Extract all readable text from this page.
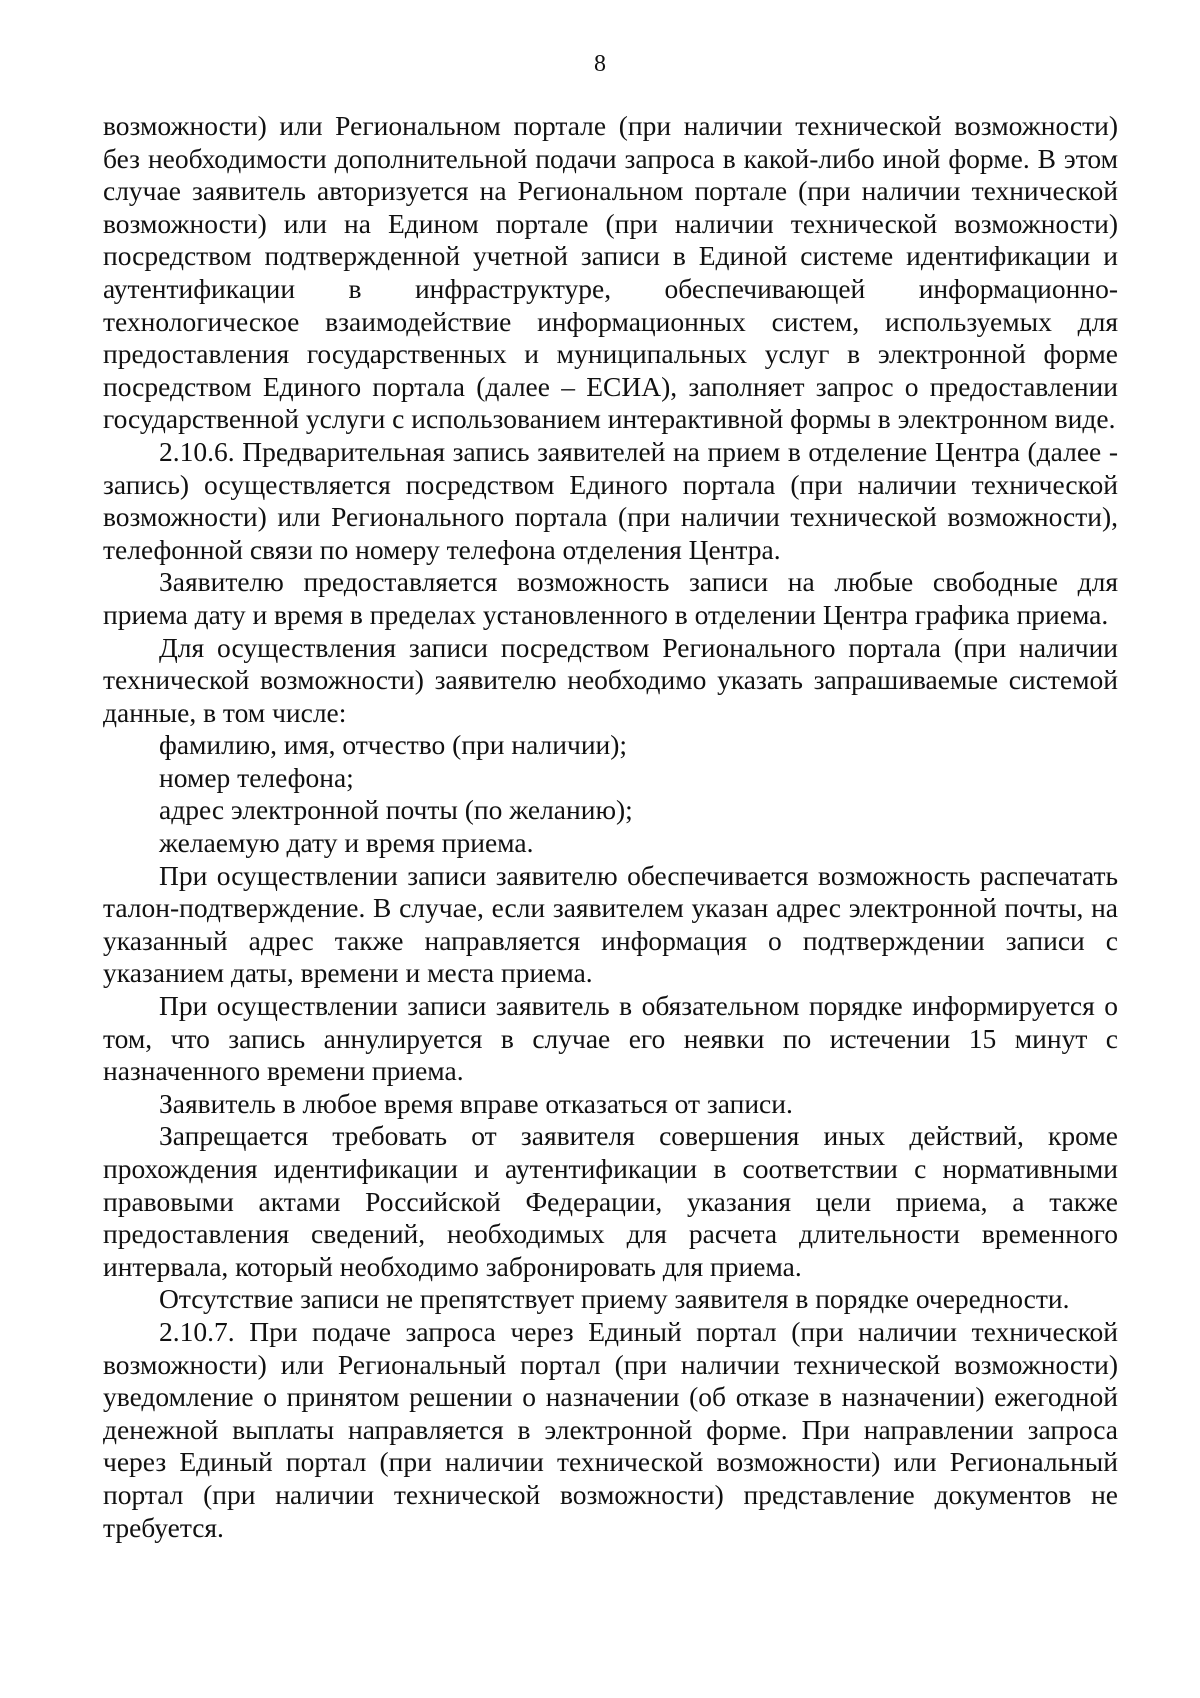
8

возможности) или Региональном портале (при наличии технической возможности) без необходимости дополнительной подачи запроса в какой-либо иной форме. В этом случае заявитель авторизуется на Региональном портале (при наличии технической возможности) или на Едином портале (при наличии технической возможности) посредством подтвержденной учетной записи в Единой системе идентификации и аутентификации в инфраструктуре, обеспечивающей информационно-технологическое взаимодействие информационных систем, используемых для предоставления государственных и муниципальных услуг в электронной форме посредством Единого портала (далее – ЕСИА), заполняет запрос о предоставлении государственной услуги с использованием интерактивной формы в электронном виде.

2.10.6. Предварительная запись заявителей на прием в отделение Центра (далее - запись) осуществляется посредством Единого портала (при наличии технической возможности) или Регионального портала (при наличии технической возможности), телефонной связи по номеру телефона отделения Центра.

Заявителю предоставляется возможность записи на любые свободные для приема дату и время в пределах установленного в отделении Центра графика приема.

Для осуществления записи посредством Регионального портала (при наличии технической возможности) заявителю необходимо указать запрашиваемые системой данные, в том числе:

фамилию, имя, отчество (при наличии);

номер телефона;

адрес электронной почты (по желанию);

желаемую дату и время приема.

При осуществлении записи заявителю обеспечивается возможность распечатать талон-подтверждение. В случае, если заявителем указан адрес электронной почты, на указанный адрес также направляется информация о подтверждении записи с указанием даты, времени и места приема.

При осуществлении записи заявитель в обязательном порядке информируется о том, что запись аннулируется в случае его неявки по истечении 15 минут с назначенного времени приема.

Заявитель в любое время вправе отказаться от записи.

Запрещается требовать от заявителя совершения иных действий, кроме прохождения идентификации и аутентификации в соответствии с нормативными правовыми актами Российской Федерации, указания цели приема, а также предоставления сведений, необходимых для расчета длительности временного интервала, который необходимо забронировать для приема.

Отсутствие записи не препятствует приему заявителя в порядке очередности.

2.10.7. При подаче запроса через Единый портал (при наличии технической возможности) или Региональный портал (при наличии технической возможности) уведомление о принятом решении о назначении (об отказе в назначении) ежегодной денежной выплаты направляется в электронной форме. При направлении запроса через Единый портал (при наличии технической возможности) или Региональный портал (при наличии технической возможности) представление документов не требуется.
